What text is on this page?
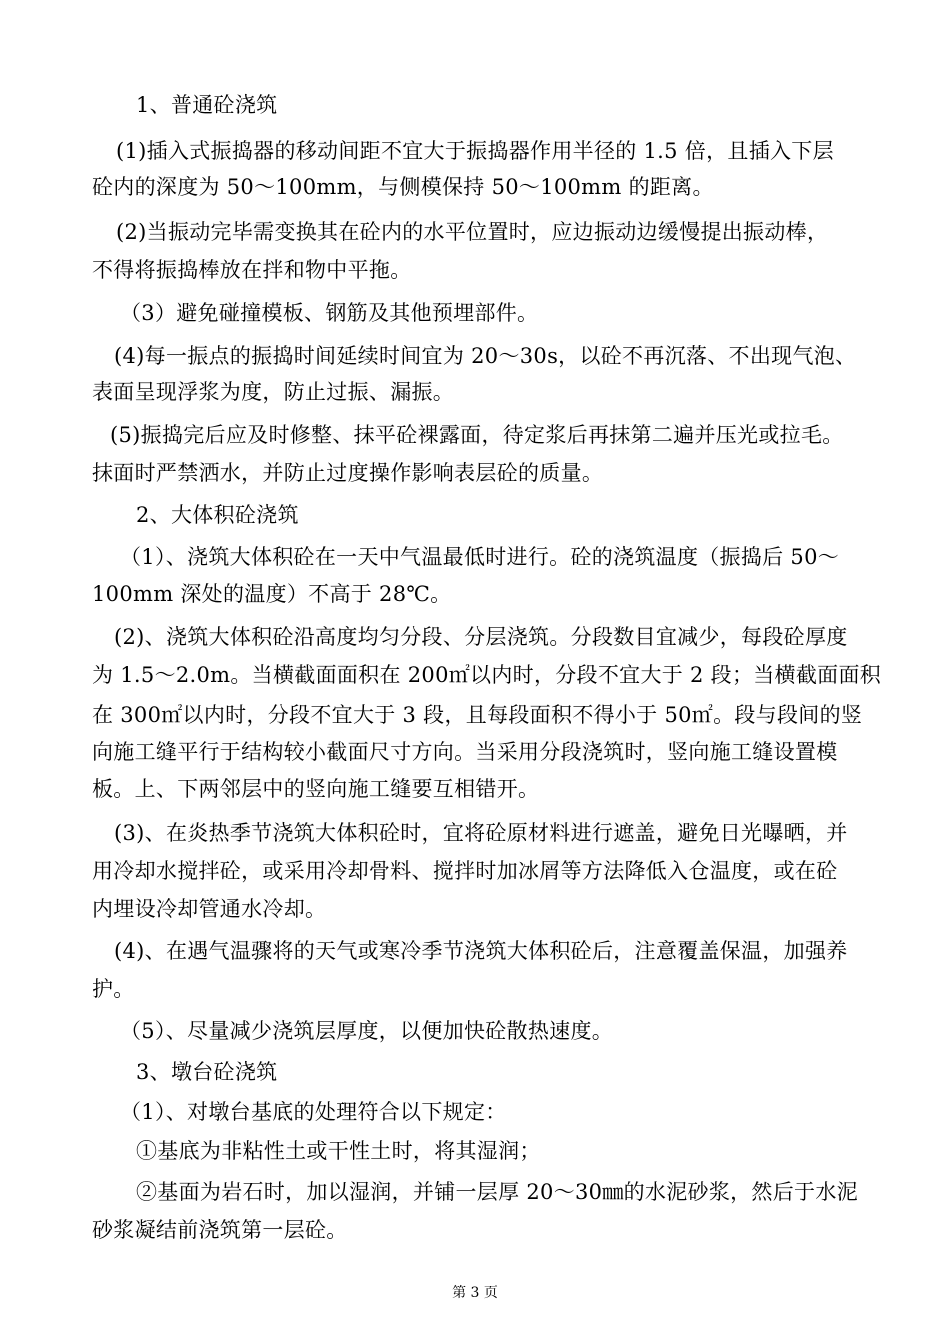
1、普通砼浇筑
(1)插入式振捣器的移动间距不宜大于振捣器作用半径的 1.5 倍，且插入下层
砼内的深度为 50～100mm，与侧模保持 50～100mm 的距离。
(2)当振动完毕需变换其在砼内的水平位置时，应边振动边缓慢提出振动棒，
不得将振捣棒放在拌和物中平拖。
（3）避免碰撞模板、钢筋及其他预埋部件。
(4)每一振点的振捣时间延续时间宜为 20～30s，以砼不再沉落、不出现气泡、
表面呈现浮浆为度，防止过振、漏振。
(5)振捣完后应及时修整、抹平砼裸露面，待定浆后再抹第二遍并压光或拉毛。
抹面时严禁洒水，并防止过度操作影响表层砼的质量。
2、大体积砼浇筑
（1）、浇筑大体积砼在一天中气温最低时进行。砼的浇筑温度（振捣后 50～
100mm 深处的温度）不高于 28℃。
(2)、浇筑大体积砼沿高度均匀分段、分层浇筑。分段数目宜减少，每段砼厚度
为 1.5～2.0m。当横截面面积在 200㎡以内时，分段不宜大于 2 段；当横截面面积
在 300㎡以内时，分段不宜大于 3 段，且每段面积不得小于 50㎡。段与段间的竖
向施工缝平行于结构较小截面尺寸方向。当采用分段浇筑时，竖向施工缝设置模
板。上、下两邻层中的竖向施工缝要互相错开。
(3)、在炎热季节浇筑大体积砼时，宜将砼原材料进行遮盖，避免日光曝晒，并
用冷却水搅拌砼，或采用冷却骨料、搅拌时加冰屑等方法降低入仓温度，或在砼
内埋设冷却管通水冷却。
(4)、在遇气温骤将的天气或寒冷季节浇筑大体积砼后，注意覆盖保温，加强养
护。
（5）、尽量减少浇筑层厚度，以便加快砼散热速度。
3、墩台砼浇筑
（1）、对墩台基底的处理符合以下规定：
①基底为非粘性土或干性土时，将其湿润；
②基面为岩石时，加以湿润，并铺一层厚 20～30㎜的水泥砂浆，然后于水泥
砂浆凝结前浇筑第一层砼。
第 3 页
